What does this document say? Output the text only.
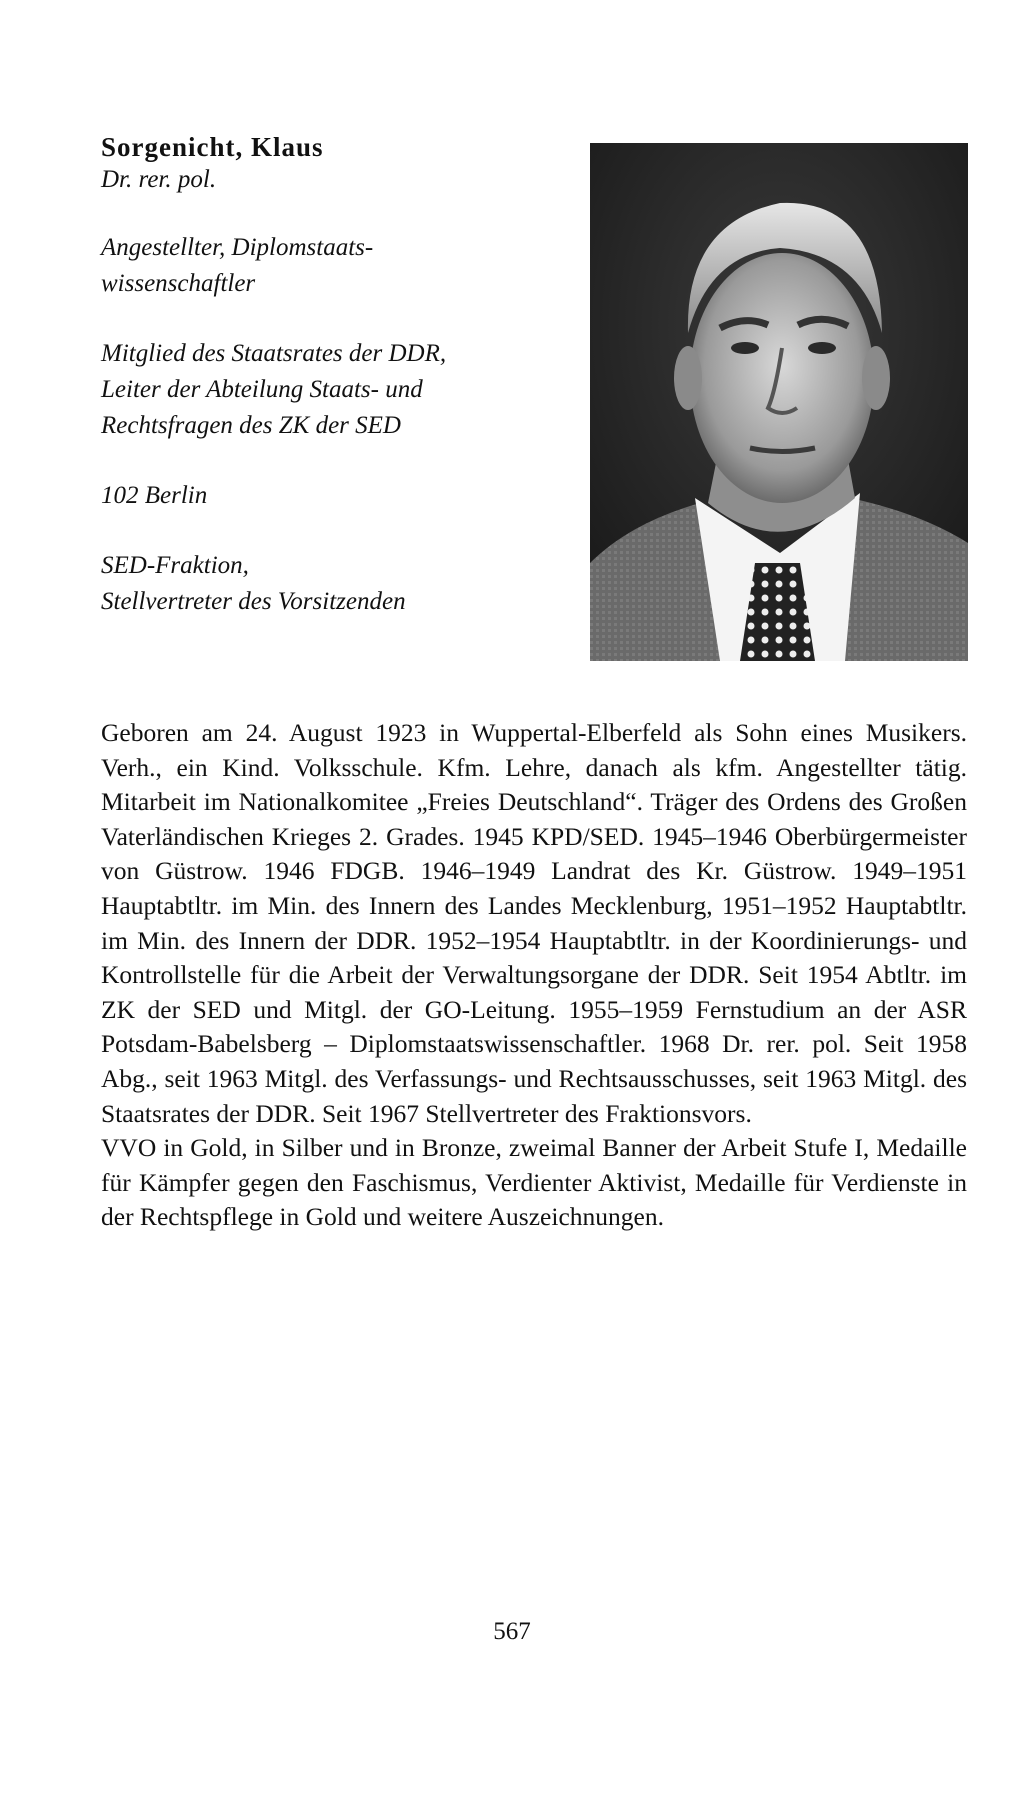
Sorgenicht, Klaus

Dr. rer. pol.

Angestellter, Diplomstaats-
wissenschaftler
Mitglied des Staatsrates der DDR,
Leiter der Abteilung Staats- und
Rechtsfragen des ZK der SED
102 Berlin
SED-Fraktion,
Stellvertreter des Vorsitzenden

Geboren am 24. August 1923 in Wuppertal-Elberfeld als Sohn eines Musikers. Verh., ein Kind. Volksschule. Kfm. Lehre, danach als kfm. Angestellter tätig. Mitarbeit im Nationalkomitee „Freies Deutschland“. Träger des Ordens des Großen Vaterländischen Krieges 2. Grades. 1945 KPD/SED. 1945–1946 Oberbürgermeister von Güstrow. 1946 FDGB. 1946–1949 Landrat des Kr. Güstrow. 1949–1951 Hauptabtltr. im Min. des Innern des Landes Mecklenburg, 1951–1952 Hauptabtltr. im Min. des Innern der DDR. 1952–1954 Hauptabtltr. in der Koordinierungs- und Kontrollstelle für die Arbeit der Verwaltungsorgane der DDR. Seit 1954 Abtltr. im ZK der SED und Mitgl. der GO-Leitung. 1955–1959 Fernstudium an der ASR Potsdam-Babelsberg – Diplomstaatswissenschaftler. 1968 Dr. rer. pol. Seit 1958 Abg., seit 1963 Mitgl. des Verfassungs- und Rechtsausschusses, seit 1963 Mitgl. des Staatsrates der DDR. Seit 1967 Stellvertreter des Fraktionsvors.

VVO in Gold, in Silber und in Bronze, zweimal Banner der Arbeit Stufe I, Medaille für Kämpfer gegen den Faschismus, Verdienter Aktivist, Medaille für Verdienste in der Rechtspflege in Gold und weitere Auszeichnungen.

567
